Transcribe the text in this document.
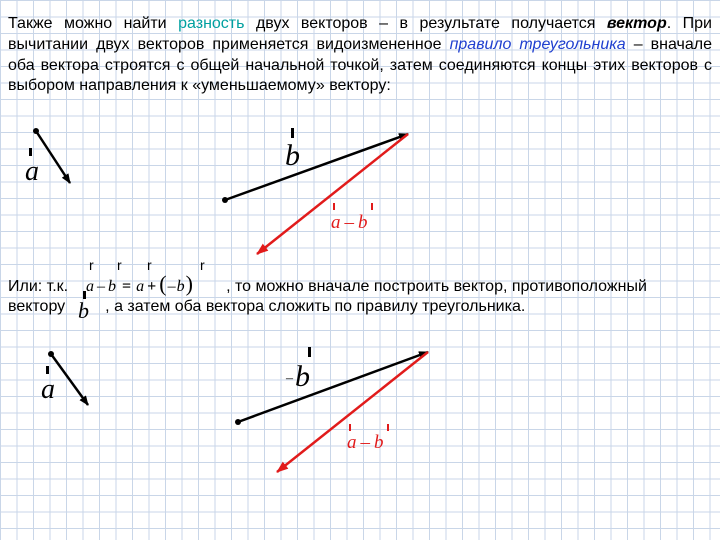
Также можно найти разность двух векторов – в результате получается вектор. При вычитании двух векторов применяется видоизмененное правило треугольника – вначале оба вектора строятся с общей начальной точкой, затем соединяются концы этих векторов с выбором направления к «уменьшаемому» вектору:

a	b
a – b
r r r	r
a – b = a + (–b)
b
a	–b
a – b

Или: т.к.	, то можно вначале построить вектор, противоположный

вектору	, а затем оба вектора сложить по правилу треугольника.
